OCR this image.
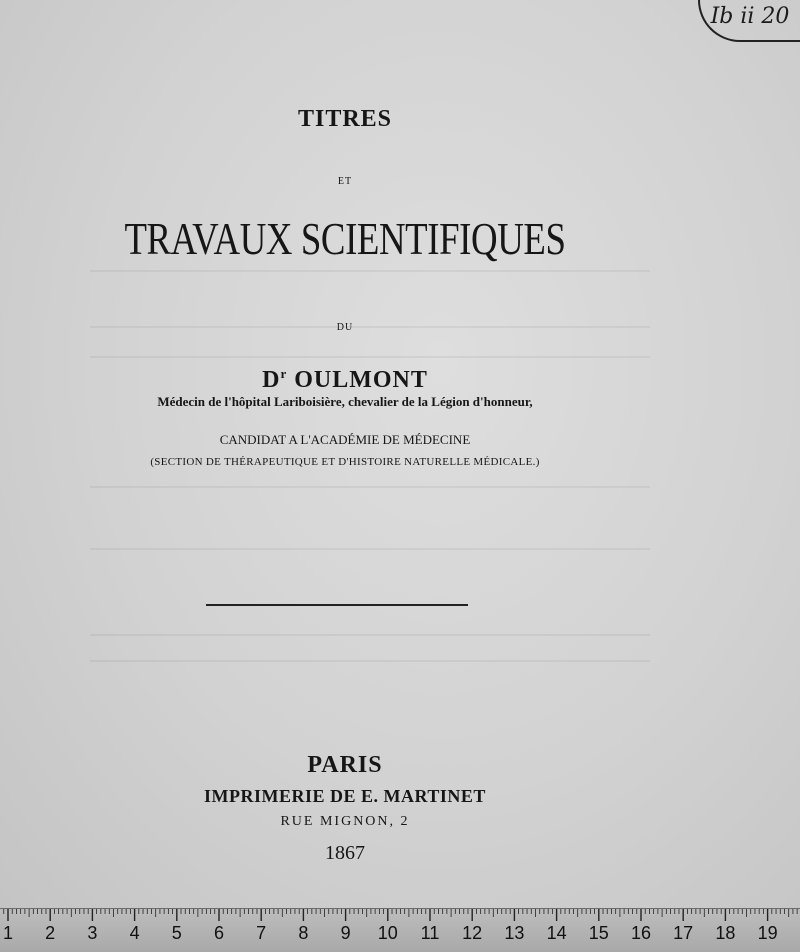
TITRES
ET
TRAVAUX SCIENTIFIQUES
DU
$D^r$ OULMONT
Médecin de l'hôpital Lariboisière, chevalier de la Légion d'honneur,
CANDIDAT A L'ACADÉMIE DE MÉDECINE
(SECTION DE THÉRAPEUTIQUE ET D'HISTOIRE NATURELLE MÉDICALE.)
PARIS
IMPRIMERIE DE E. MARTINET
RUE MIGNON, 2
1867
Ib ii 20
1 2 3 4 5 6 7 8 9 10 11 12 13 14 15 16 17 18 19
